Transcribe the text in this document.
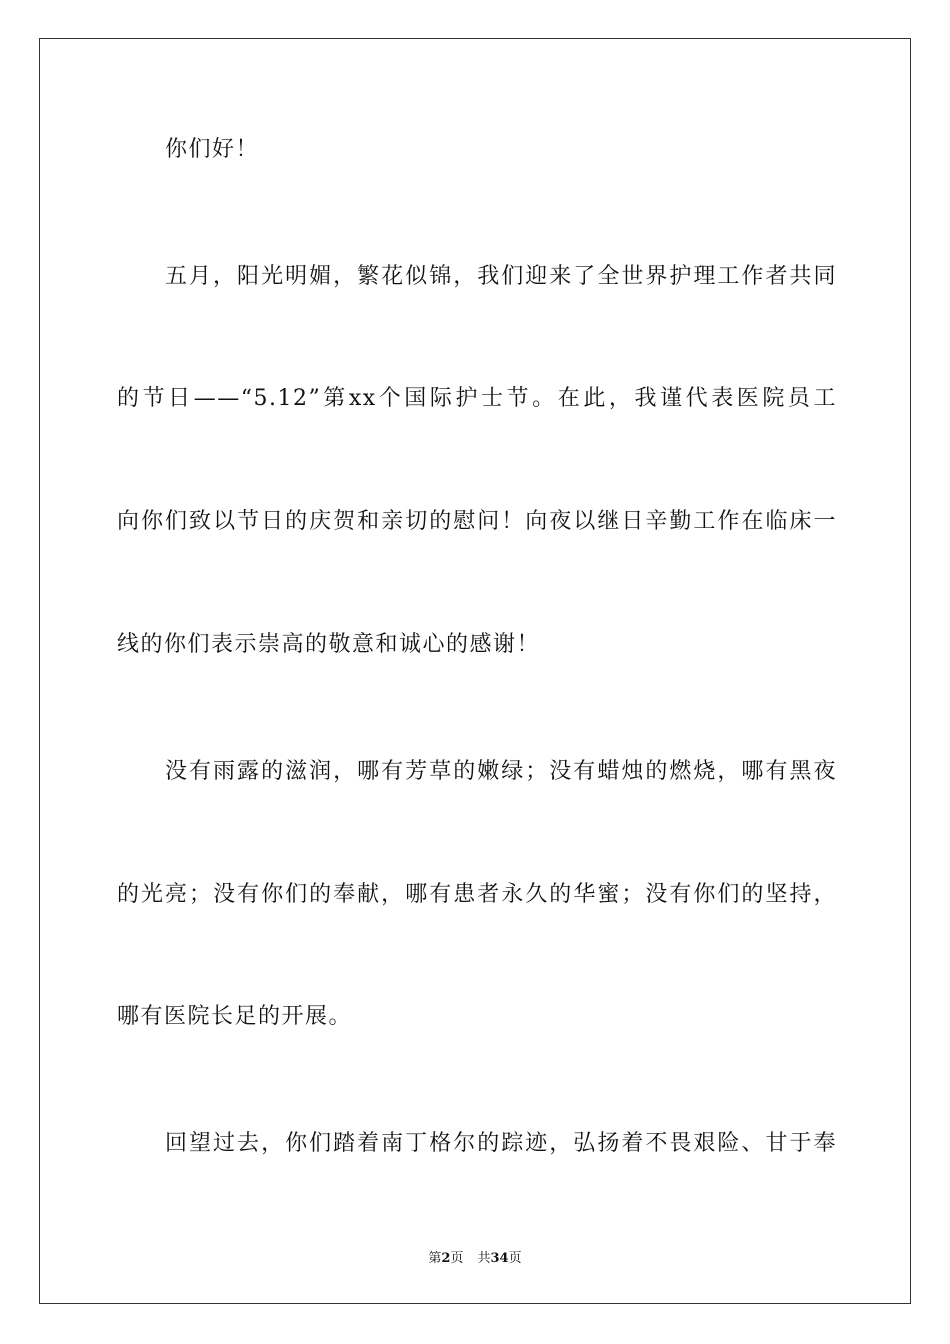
你们好！
五月，阳光明媚，繁花似锦，我们迎来了全世界护理工作者共同
的节日——“5.12”第xx个国际护士节。在此，我谨代表医院员工
向你们致以节日的庆贺和亲切的慰问！向夜以继日辛勤工作在临床一
线的你们表示崇高的敬意和诚心的感谢！
没有雨露的滋润，哪有芳草的嫩绿；没有蜡烛的燃烧，哪有黑夜
的光亮；没有你们的奉献，哪有患者永久的华蜜；没有你们的坚持，
哪有医院长足的开展。
回望过去，你们踏着南丁格尔的踪迹，弘扬着不畏艰险、甘于奉
第2页 共34页
